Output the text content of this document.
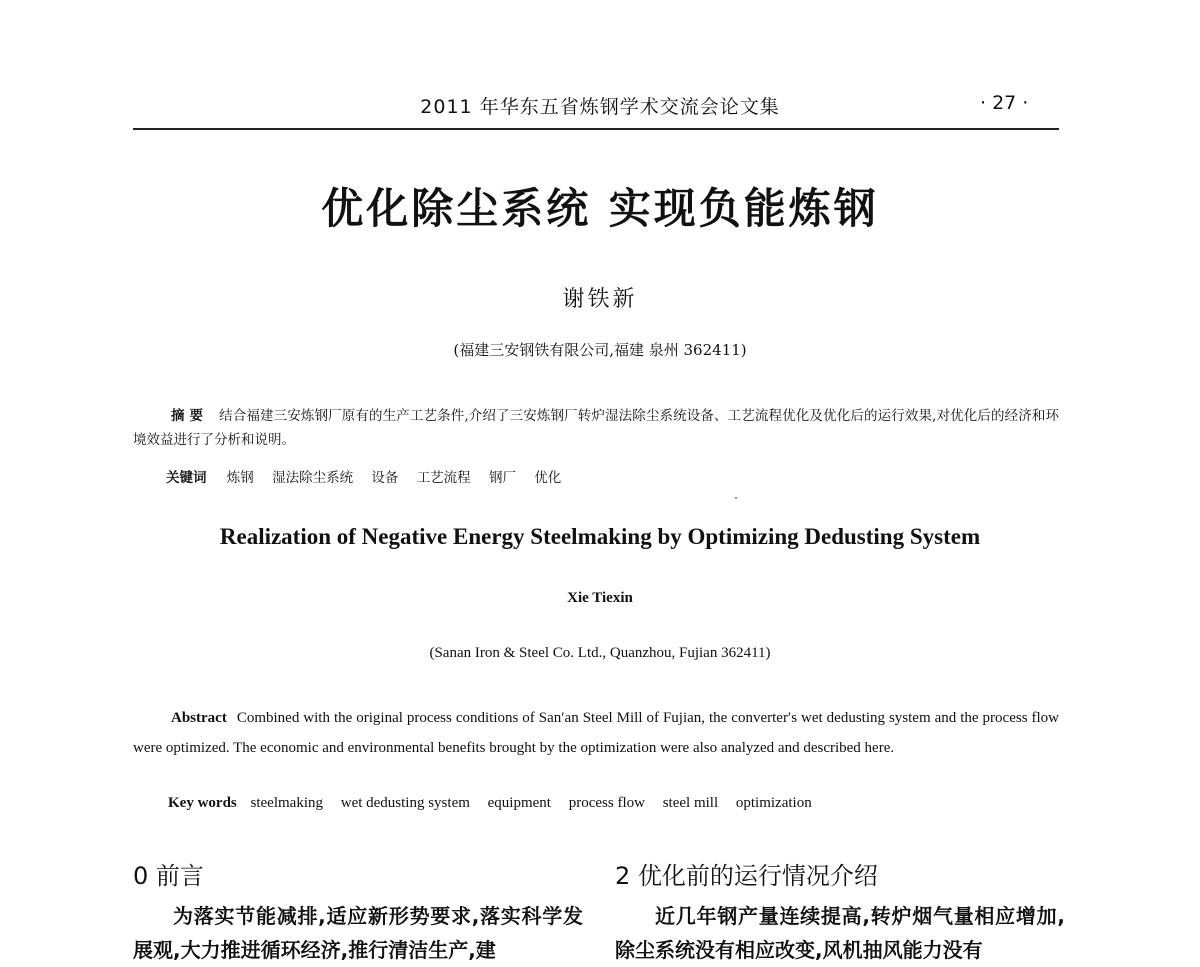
2011 年华东五省炼钢学术交流会论文集	· 27 ·
优化除尘系统 实现负能炼钢
谢铁新
(福建三安钢铁有限公司,福建 泉州 362411)
摘 要 结合福建三安炼钢厂原有的生产工艺条件,介绍了三安炼钢厂转炉湿法除尘系统设备、工艺流程优化及优化后的运行效果,对优化后的经济和环境效益进行了分析和说明。
关键词 炼钢 湿法除尘系统 设备 工艺流程 钢厂 优化
Realization of Negative Energy Steelmaking by Optimizing Dedusting System
Xie Tiexin
(Sanan Iron & Steel Co. Ltd., Quanzhou, Fujian 362411)
Abstract Combined with the original process conditions of San′an Steel Mill of Fujian, the converter′s wet dedusting system and the process flow were optimized. The economic and environmental benefits brought by the optimization were also analyzed and described here.
Key words steelmaking wet dedusting system equipment process flow steel mill optimization
0 前言	2 优化前的运行情况介绍
为落实节能减排,适应新形势要求,落实科学发展观,大力推进循环经济,推行清洁生产,建
近几年钢产量连续提高,转炉烟气量相应增加,除尘系统没有相应改变,风机抽风能力没有
